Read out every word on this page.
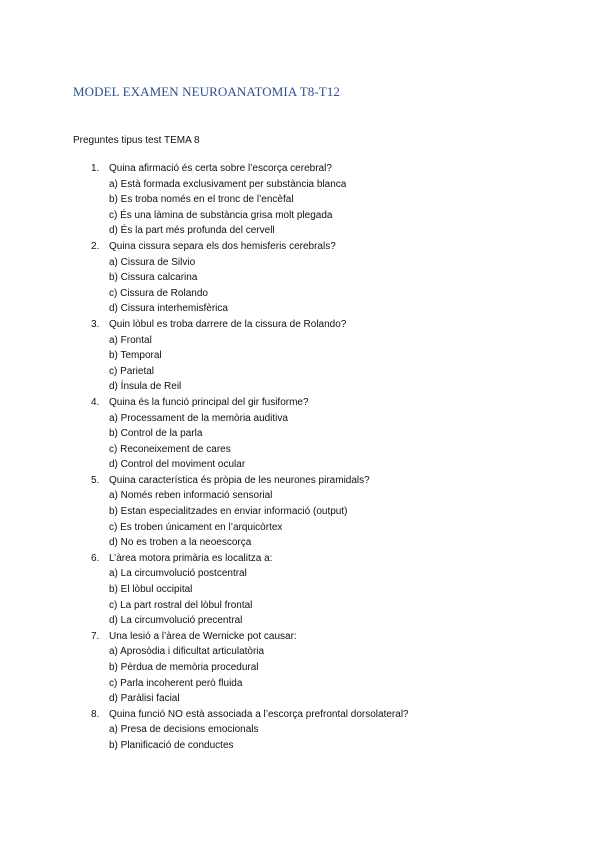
MODEL EXAMEN NEUROANATOMIA T8-T12
Preguntes tipus test TEMA 8
1. Quina afirmació és certa sobre l’escorça cerebral?
a) Està formada exclusivament per substància blanca
b) Es troba només en el tronc de l’encèfal
c) És una làmina de substància grisa molt plegada
d) És la part més profunda del cervell
2. Quina cissura separa els dos hemisferis cerebrals?
a) Cissura de Silvio
b) Cissura calcarina
c) Cissura de Rolando
d) Cissura interhemisfèrica
3. Quin lòbul es troba darrere de la cissura de Rolando?
a) Frontal
b) Temporal
c) Parietal
d) Ínsula de Reil
4. Quina és la funció principal del gir fusiforme?
a) Processament de la memòria auditiva
b) Control de la parla
c) Reconeixement de cares
d) Control del moviment ocular
5. Quina característica és pròpia de les neurones piramidals?
a) Només reben informació sensorial
b) Estan especialitzades en enviar informació (output)
c) Es troben únicament en l’arquicòrtex
d) No es troben a la neoescorça
6. L’àrea motora primària es localitza a:
a) La circumvolució postcentral
b) El lòbul occipital
c) La part rostral del lòbul frontal
d) La circumvolució precentral
7. Una lesió a l’àrea de Wernicke pot causar:
a) Aprosòdia i dificultat articulatòria
b) Pèrdua de memòria procedural
c) Parla incoherent però fluida
d) Paràlisi facial
8. Quina funció NO està associada a l’escorça prefrontal dorsolateral?
a) Presa de decisions emocionals
b) Planificació de conductes
